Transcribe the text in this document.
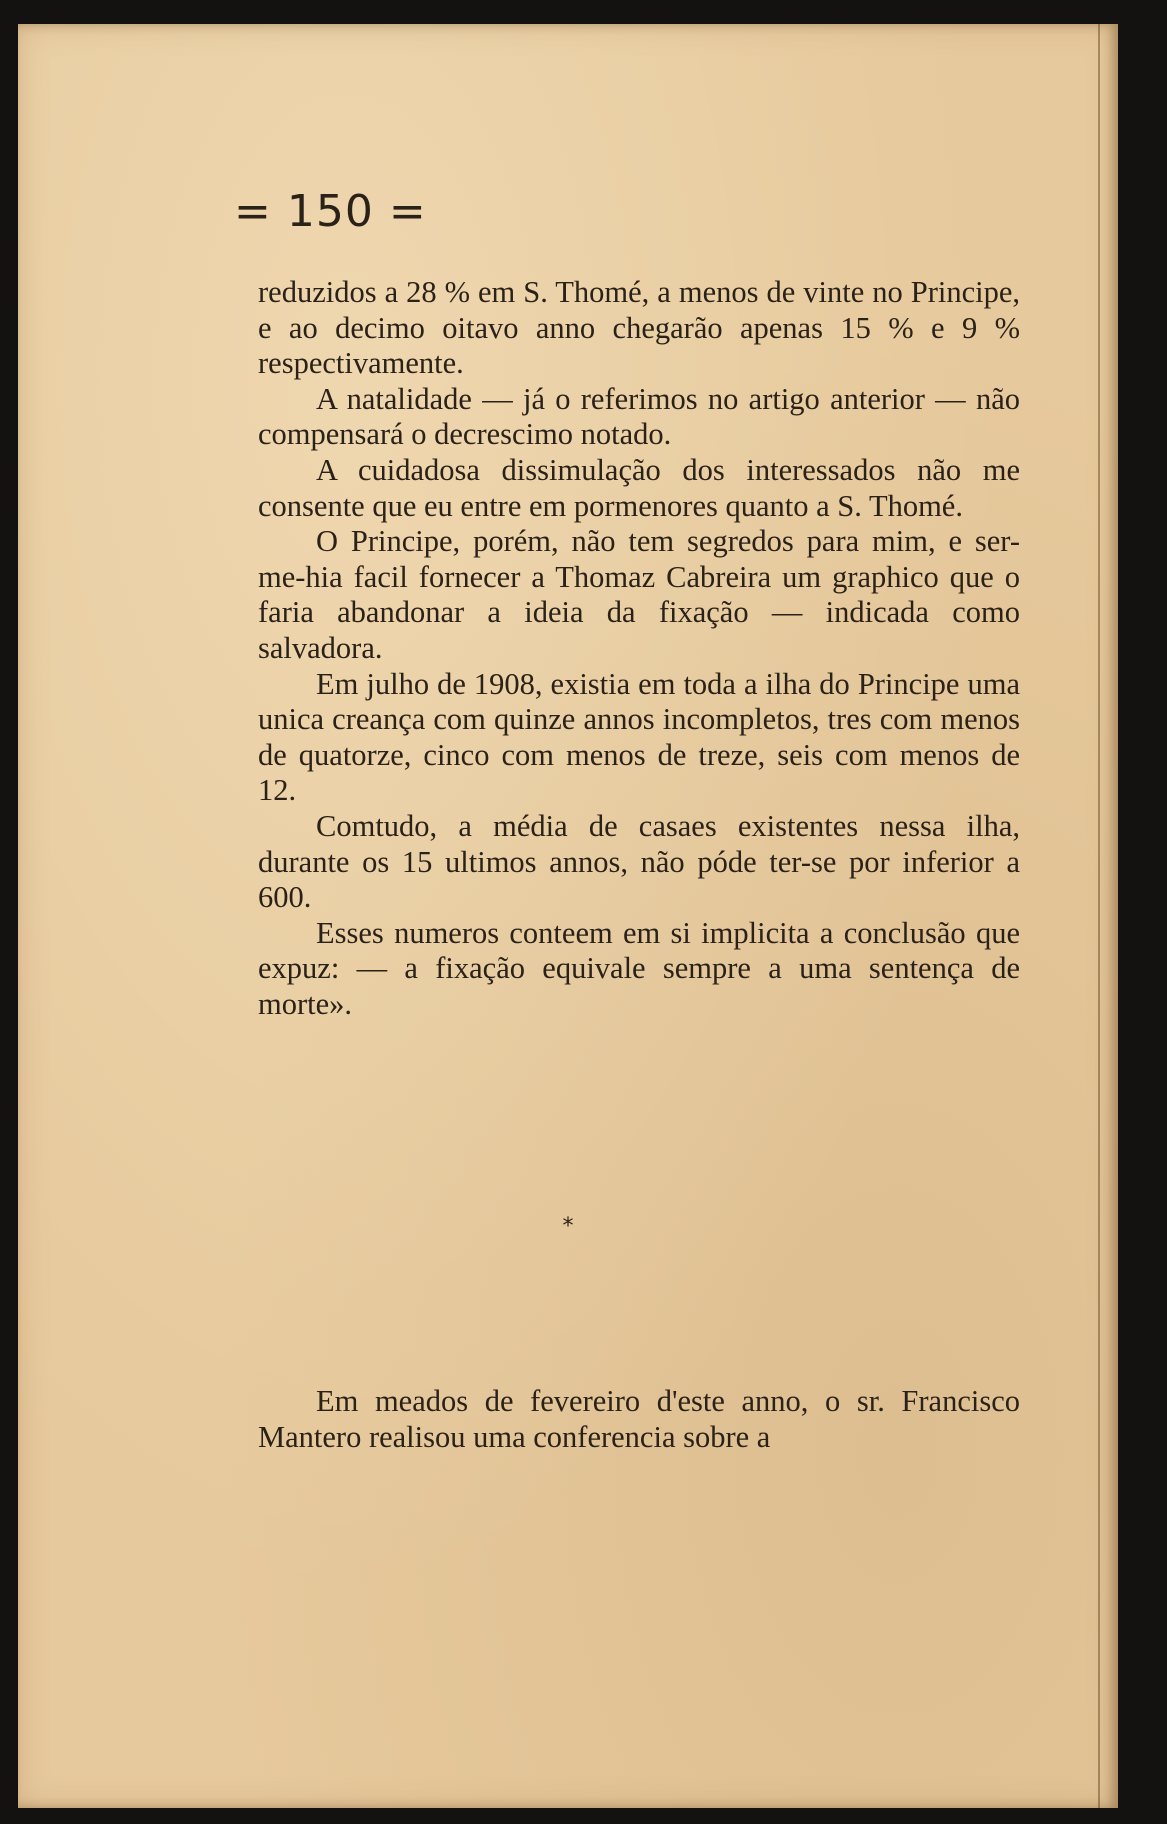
= 150 =

reduzidos a 28 % em S. Thomé, a menos de vinte no Principe, e ao decimo oitavo anno chegarão apenas 15 % e 9 % respectivamente.

A natalidade — já o referimos no artigo anterior — não compensará o decrescimo notado.

A cuidadosa dissimulação dos interessados não me consente que eu entre em pormenores quanto a S. Thomé.

O Principe, porém, não tem segredos para mim, e ser-me-hia facil fornecer a Thomaz Cabreira um graphico que o faria abandonar a ideia da fixação — indicada como salvadora.

Em julho de 1908, existia em toda a ilha do Principe uma unica creança com quinze annos incompletos, tres com menos de quatorze, cinco com menos de treze, seis com menos de 12.

Comtudo, a média de casaes existentes nessa ilha, durante os 15 ultimos annos, não póde ter-se por inferior a 600.

Esses numeros conteem em si implicita a conclusão que expuz: — a fixação equivale sempre a uma sentença de morte».

*

Em meados de fevereiro d'este anno, o sr. Francisco Mantero realisou uma conferencia sobre a
